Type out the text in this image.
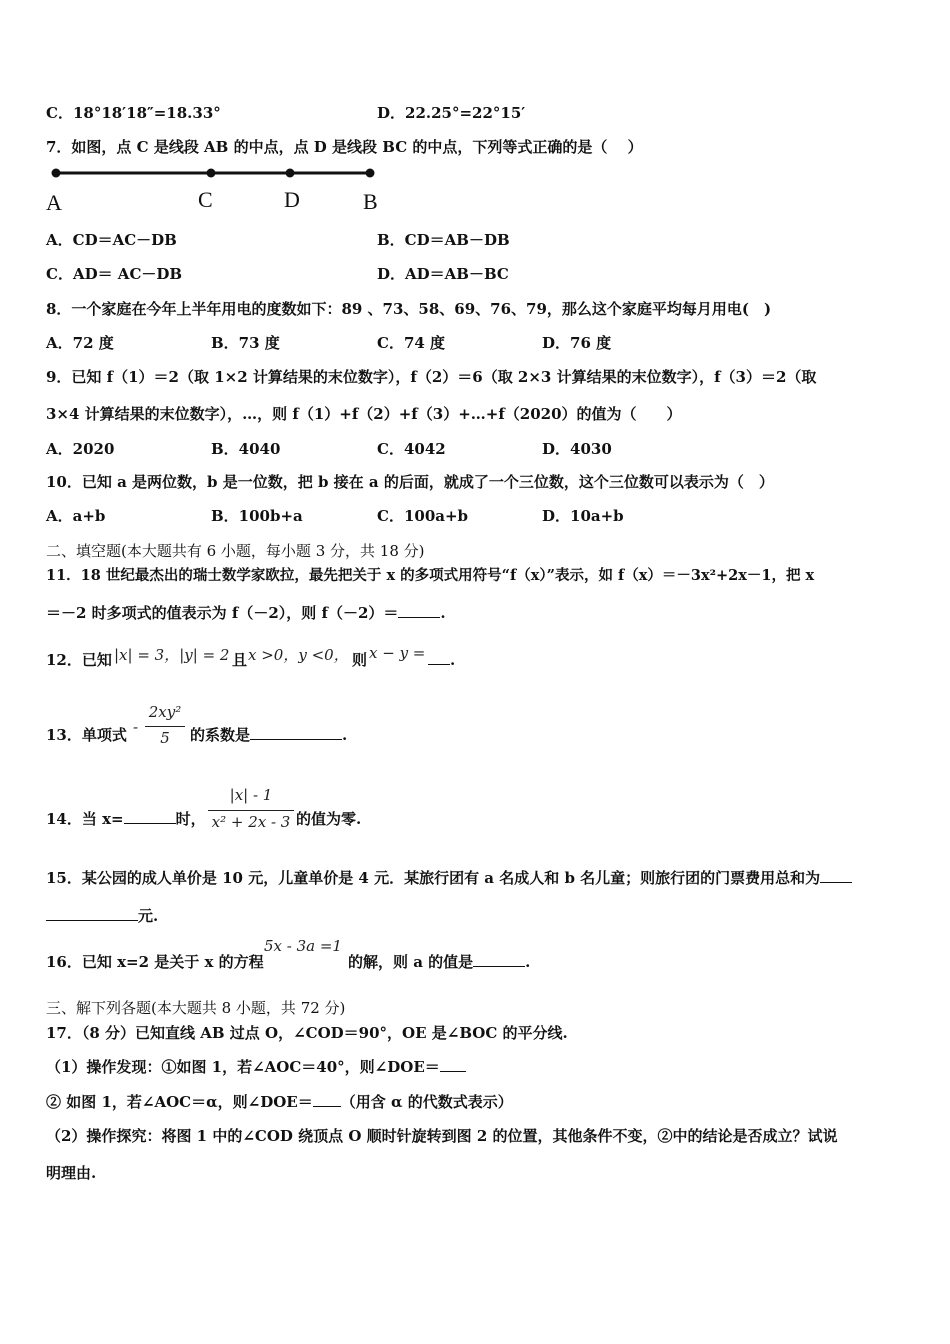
C．18°18′18″=18.33°	D．22.25°=22°15′
7．如图，点 C 是线段 AB 的中点，点 D 是线段 BC 的中点，下列等式正确的是（　 ）
A	C	D	B
A．CD＝AC－DB	B．CD＝AB－DB
C．AD＝ AC－DB	D．AD＝AB－BC
8．一个家庭在今年上半年用电的度数如下：89 、73、58、69、76、79，那么这个家庭平均每月用电(　)
A．72 度	B．73 度	C．74 度	D．76 度
9．已知 f（1）＝2（取 1×2 计算结果的末位数字），f（2）＝6（取 2×3 计算结果的末位数字），f（3）＝2（取
3×4 计算结果的末位数字），…，则 f（1）+f（2）+f（3）+…+f（2020）的值为（　　）
A．2020	B．4040	C．4042	D．4030
10．已知 a 是两位数，b 是一位数，把 b 接在 a 的后面，就成了一个三位数，这个三位数可以表示为（　）
A．a+b	B．100b+a	C．100a+b	D．10a+b
二、填空题(本大题共有 6 小题，每小题 3 分，共 18 分)
11．18 世纪最杰出的瑞士数学家欧拉，最先把关于 x 的多项式用符号“f（x）”表示，如 f（x）＝－3x²+2x－1，把 x
＝－2 时多项式的值表示为 f（－2），则 f（－2）＝	.
12．已知 |x| = 3，|y| = 2 且 x >0，y <0， 则 x − y =	.
13．单项式 -
2xy²
5	的系数是	.
14．当 x=	时，
|x| - 1
x² + 2x - 3 的值为零.
15．某公园的成人单价是 10 元，儿童单价是 4 元．某旅行团有 a 名成人和 b 名儿童；则旅行团的门票费用总和为
元.
16．已知 x=2 是关于 x 的方程
5x - 3a =1
的解，则 a 的值是	.
三、解下列各题(本大题共 8 小题，共 72 分)
17．（8 分）已知直线 AB 过点 O，∠COD＝90°，OE 是∠BOC 的平分线.
（1）操作发现：①如图 1，若∠AOC＝40°，则∠DOE＝
② 如图 1，若∠AOC＝α，则∠DOE＝ （用含 α 的代数式表示）
（2）操作探究：将图 1 中的∠COD 绕顶点 O 顺时针旋转到图 2 的位置，其他条件不变，②中的结论是否成立？试说
明理由.
